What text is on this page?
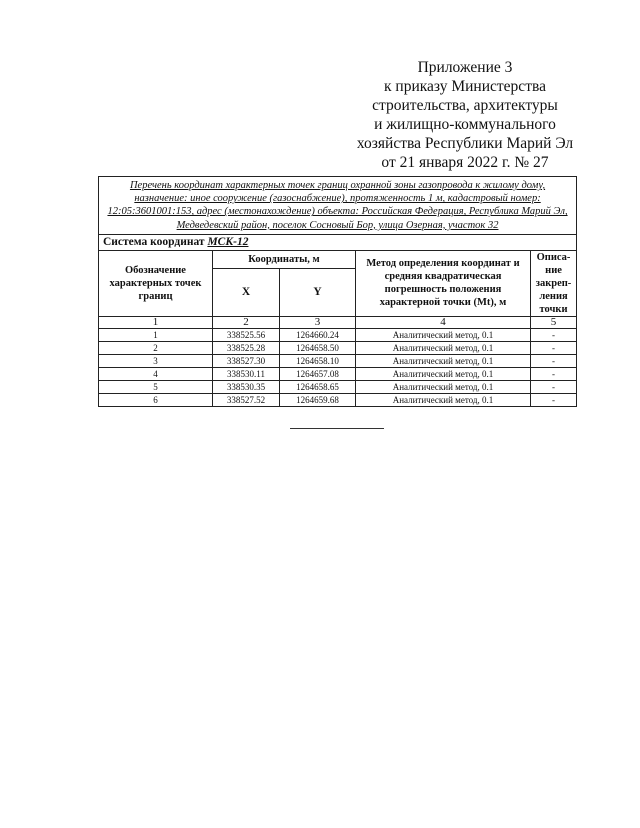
Приложение 3
к приказу Министерства
строительства, архитектуры
и жилищно-коммунального
хозяйства Республики Марий Эл
от 21 января 2022 г. № 27
Перечень координат характерных точек границ охранной зоны газопровода к жилому дому, назначение: иное сооружение (газоснабжение), протяженность 1 м, кадастровый номер: 12:05:3601001:153, адрес (местонахождение) объекта: Российская Федерация, Республика Марий Эл, Медведевский район, поселок Сосновый Бор, улица Озерная, участок 32				
Система координат МСК-12				
Обозначение характерных точек границ	Координаты, м		Метод определения координат и средняя квадратическая погрешность положения характерной точки (Mt), м	Описа-ние закреп-ления точки
	X	Y		
1	2	3	4	5
1	338525.56	1264660.24	Аналитический метод, 0.1	-
2	338525.28	1264658.50	Аналитический метод, 0.1	-
3	338527.30	1264658.10	Аналитический метод, 0.1	-
4	338530.11	1264657.08	Аналитический метод, 0.1	-
5	338530.35	1264658.65	Аналитический метод, 0.1	-
6	338527.52	1264659.68	Аналитический метод, 0.1	-
